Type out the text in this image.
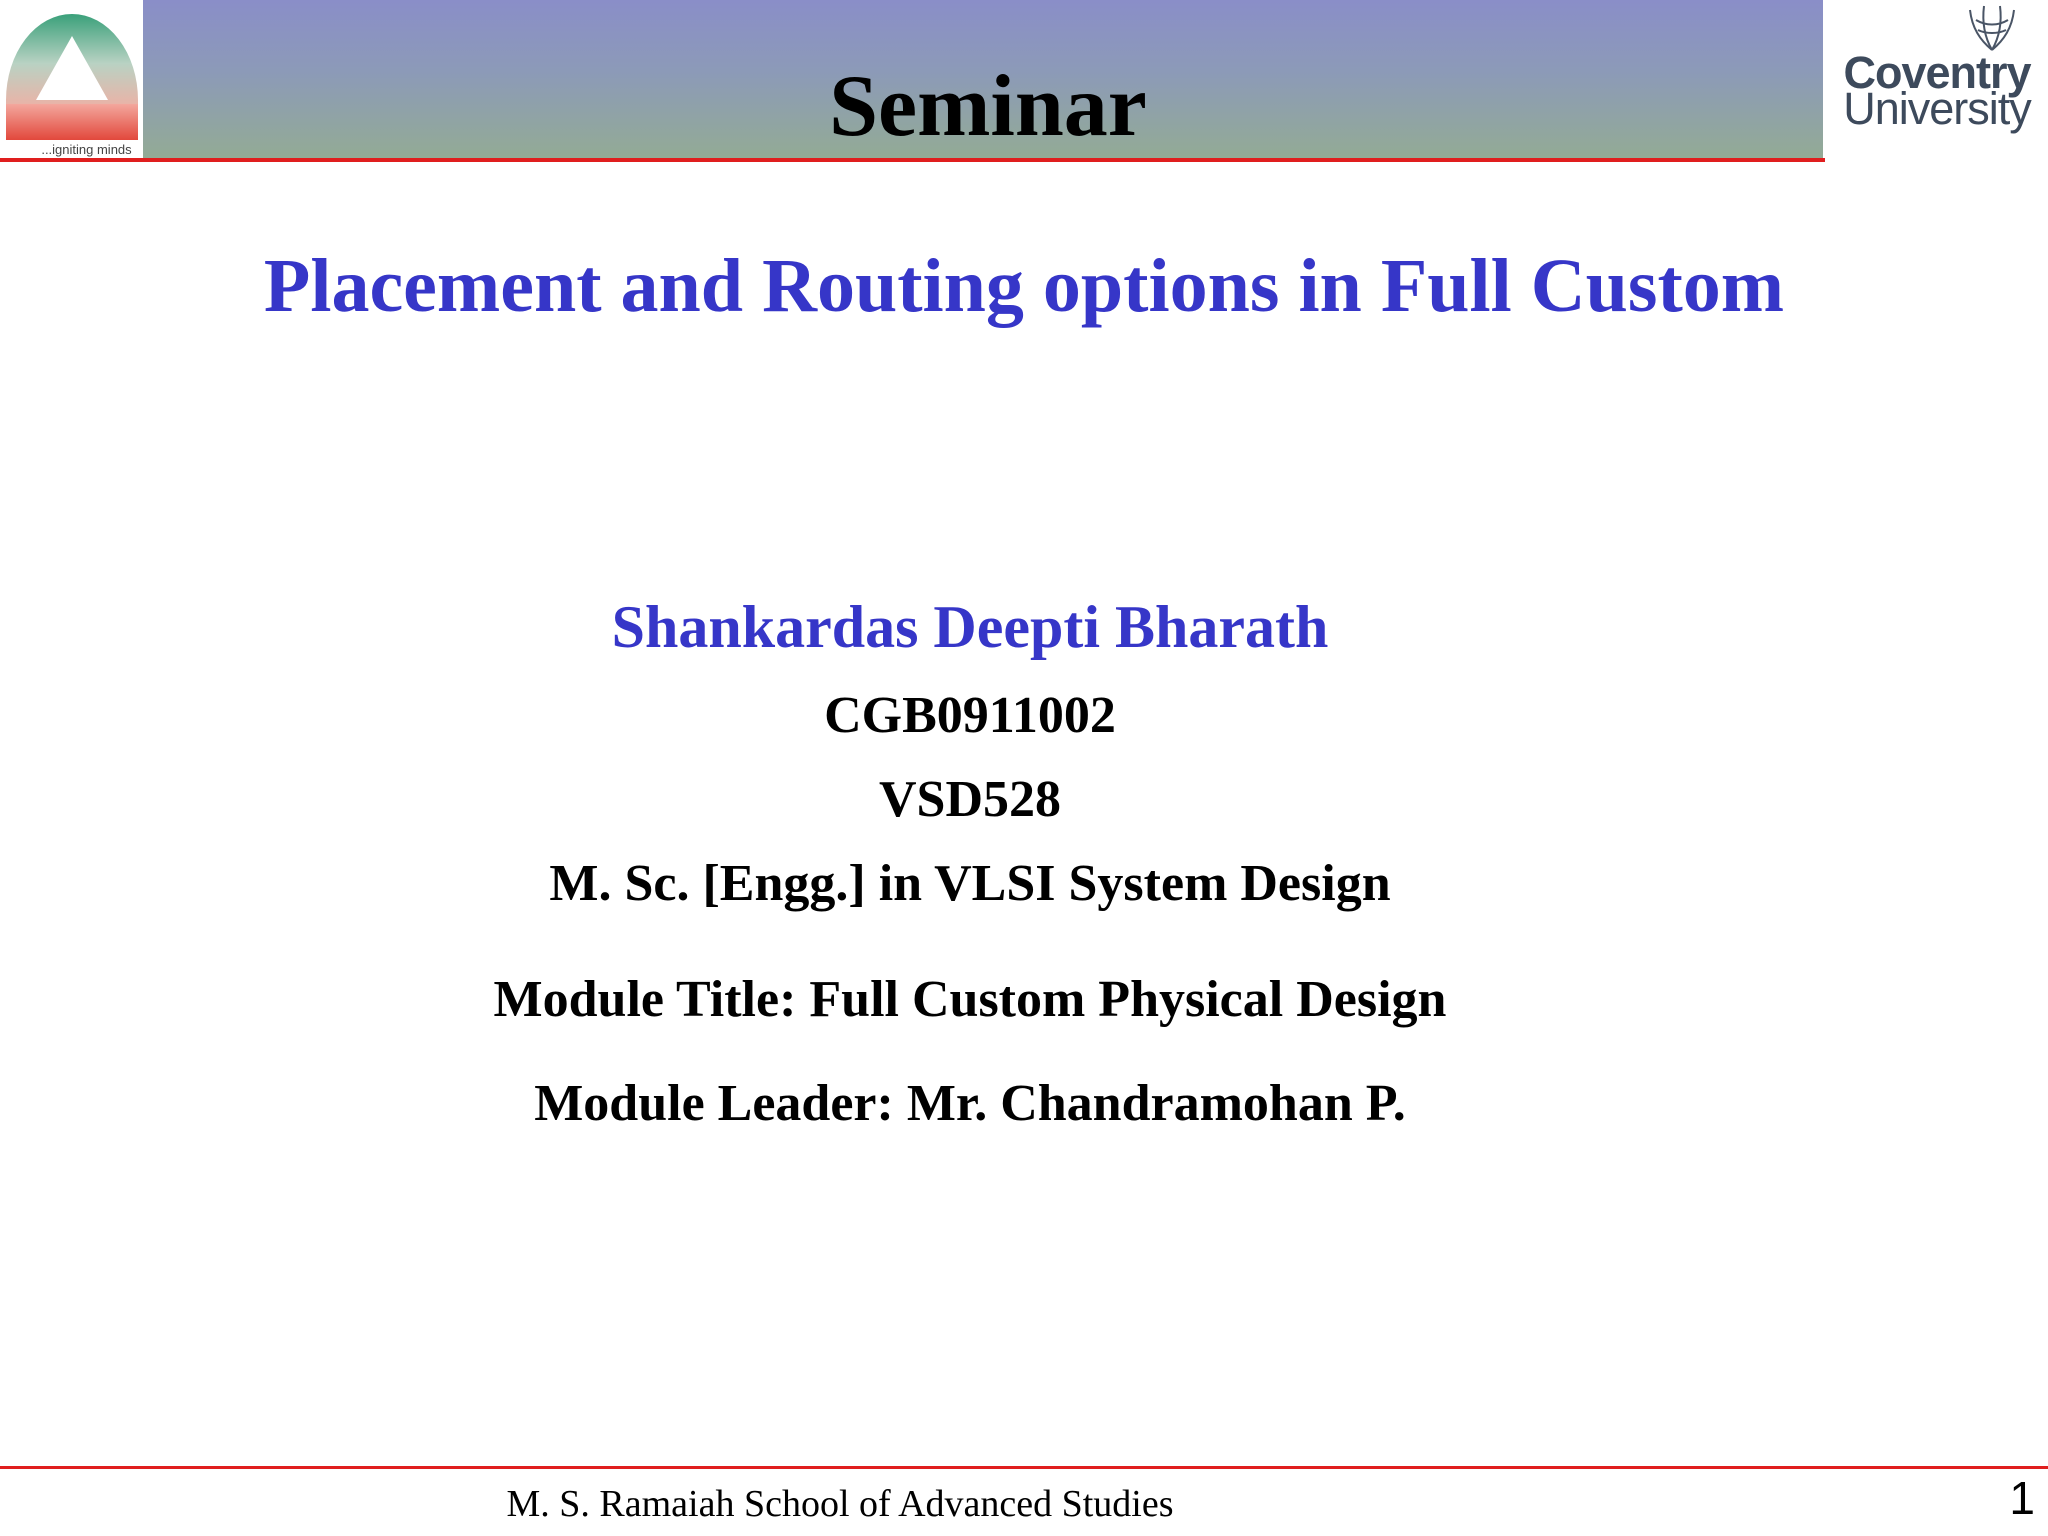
Seminar
...igniting minds
Coventry
University
Placement and Routing options in Full Custom
Shankardas Deepti Bharath
CGB0911002
VSD528
M. Sc. [Engg.] in VLSI System Design
Module Title: Full Custom Physical Design
Module Leader: Mr. Chandramohan P.
M. S. Ramaiah School of Advanced Studies	1
